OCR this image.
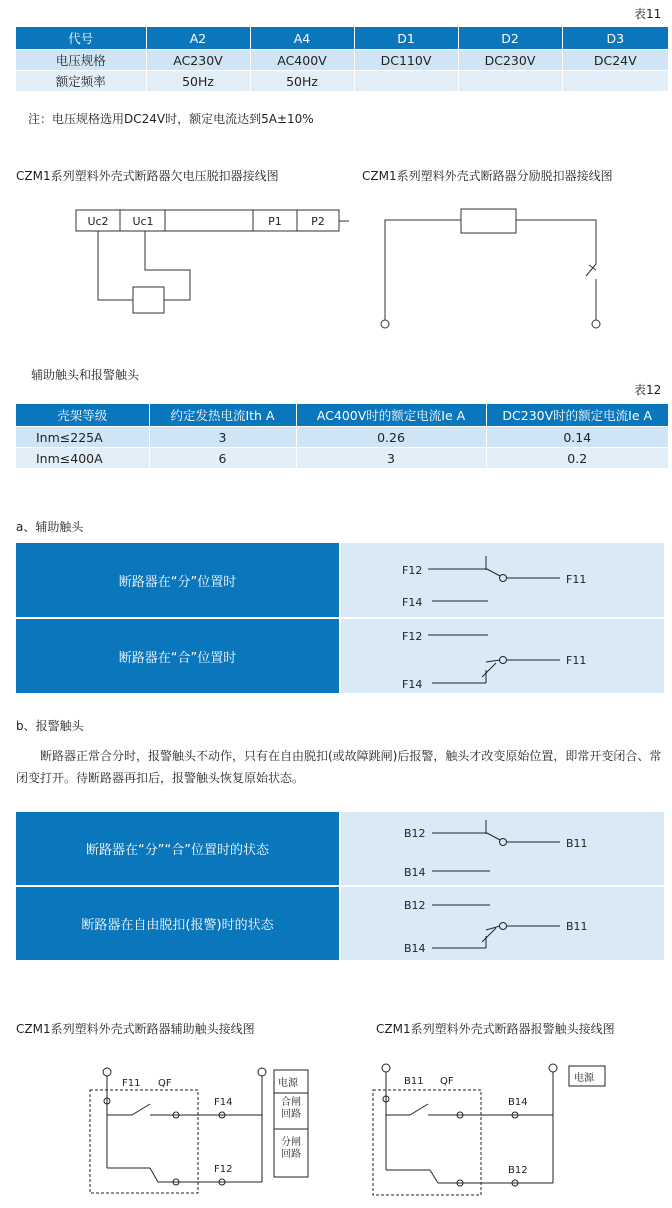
表11
代号	A2	A4	D1	D2	D3
电压规格	AC230V	AC400V	DC110V	DC230V	DC24V
额定频率	50Hz	50Hz			
注：电压规格选用DC24V时，额定电流达到5A±10%
CZM1系列塑料外壳式断路器欠电压脱扣器接线图	CZM1系列塑料外壳式断路器分励脱扣器接线图
Uc2 Uc1	P1	P2
辅助触头和报警触头
表12
壳架等级	约定发热电流Ith A	AC400V时的额定电流Ie A	DC230V时的额定电流Ie A
Inm≤225A	3	0.26	0.14
Inm≤400A	6	3	0.2
a、辅助触头
断路器在“分”位置时
断路器在“合”位置时
F12
F11
F14
F12
F11
F14
b、报警触头
断路器正常合分时，报警触头不动作，只有在自由脱扣(或故障跳闸)后报警，触头才改变原始位置，即常开变闭合、常闭变打开。待断路器再扣后，报警触头恢复原始状态。
断路器在“分”“合”位置时的状态
断路器在自由脱扣(报警)时的状态
B12
B11
B14
B12
B11
B14
CZM1系列塑料外壳式断路器辅助触头接线图	CZM1系列塑料外壳式断路器报警触头接线图
F11 QF
F14
F12
电源
合闸回路
分闸回路
B11 QF
B14
B12
电源
